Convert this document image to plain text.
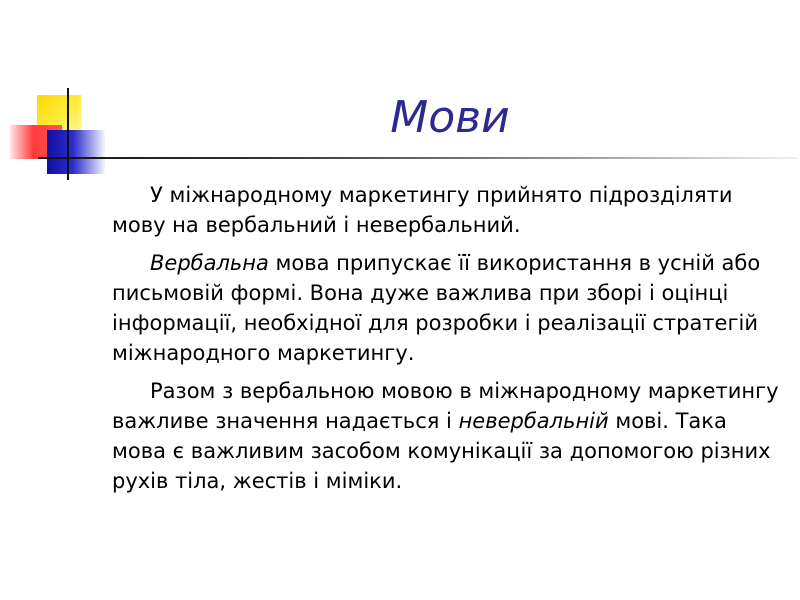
Мови

У міжнародному маркетингу прийнято підрозділяти мову на вербальний і невербальний.

Вербальна мова припускає її використання в усній або письмовій формі. Вона дуже важлива при зборі і оцінці інформації, необхідної для розробки і реалізації стратегій міжнародного маркетингу.

Разом з вербальною мовою в міжнародному маркетингу важливе значення надається і невербальній мові. Така мова є важливим засобом комунікації за допомогою різних рухів тіла, жестів і міміки.
